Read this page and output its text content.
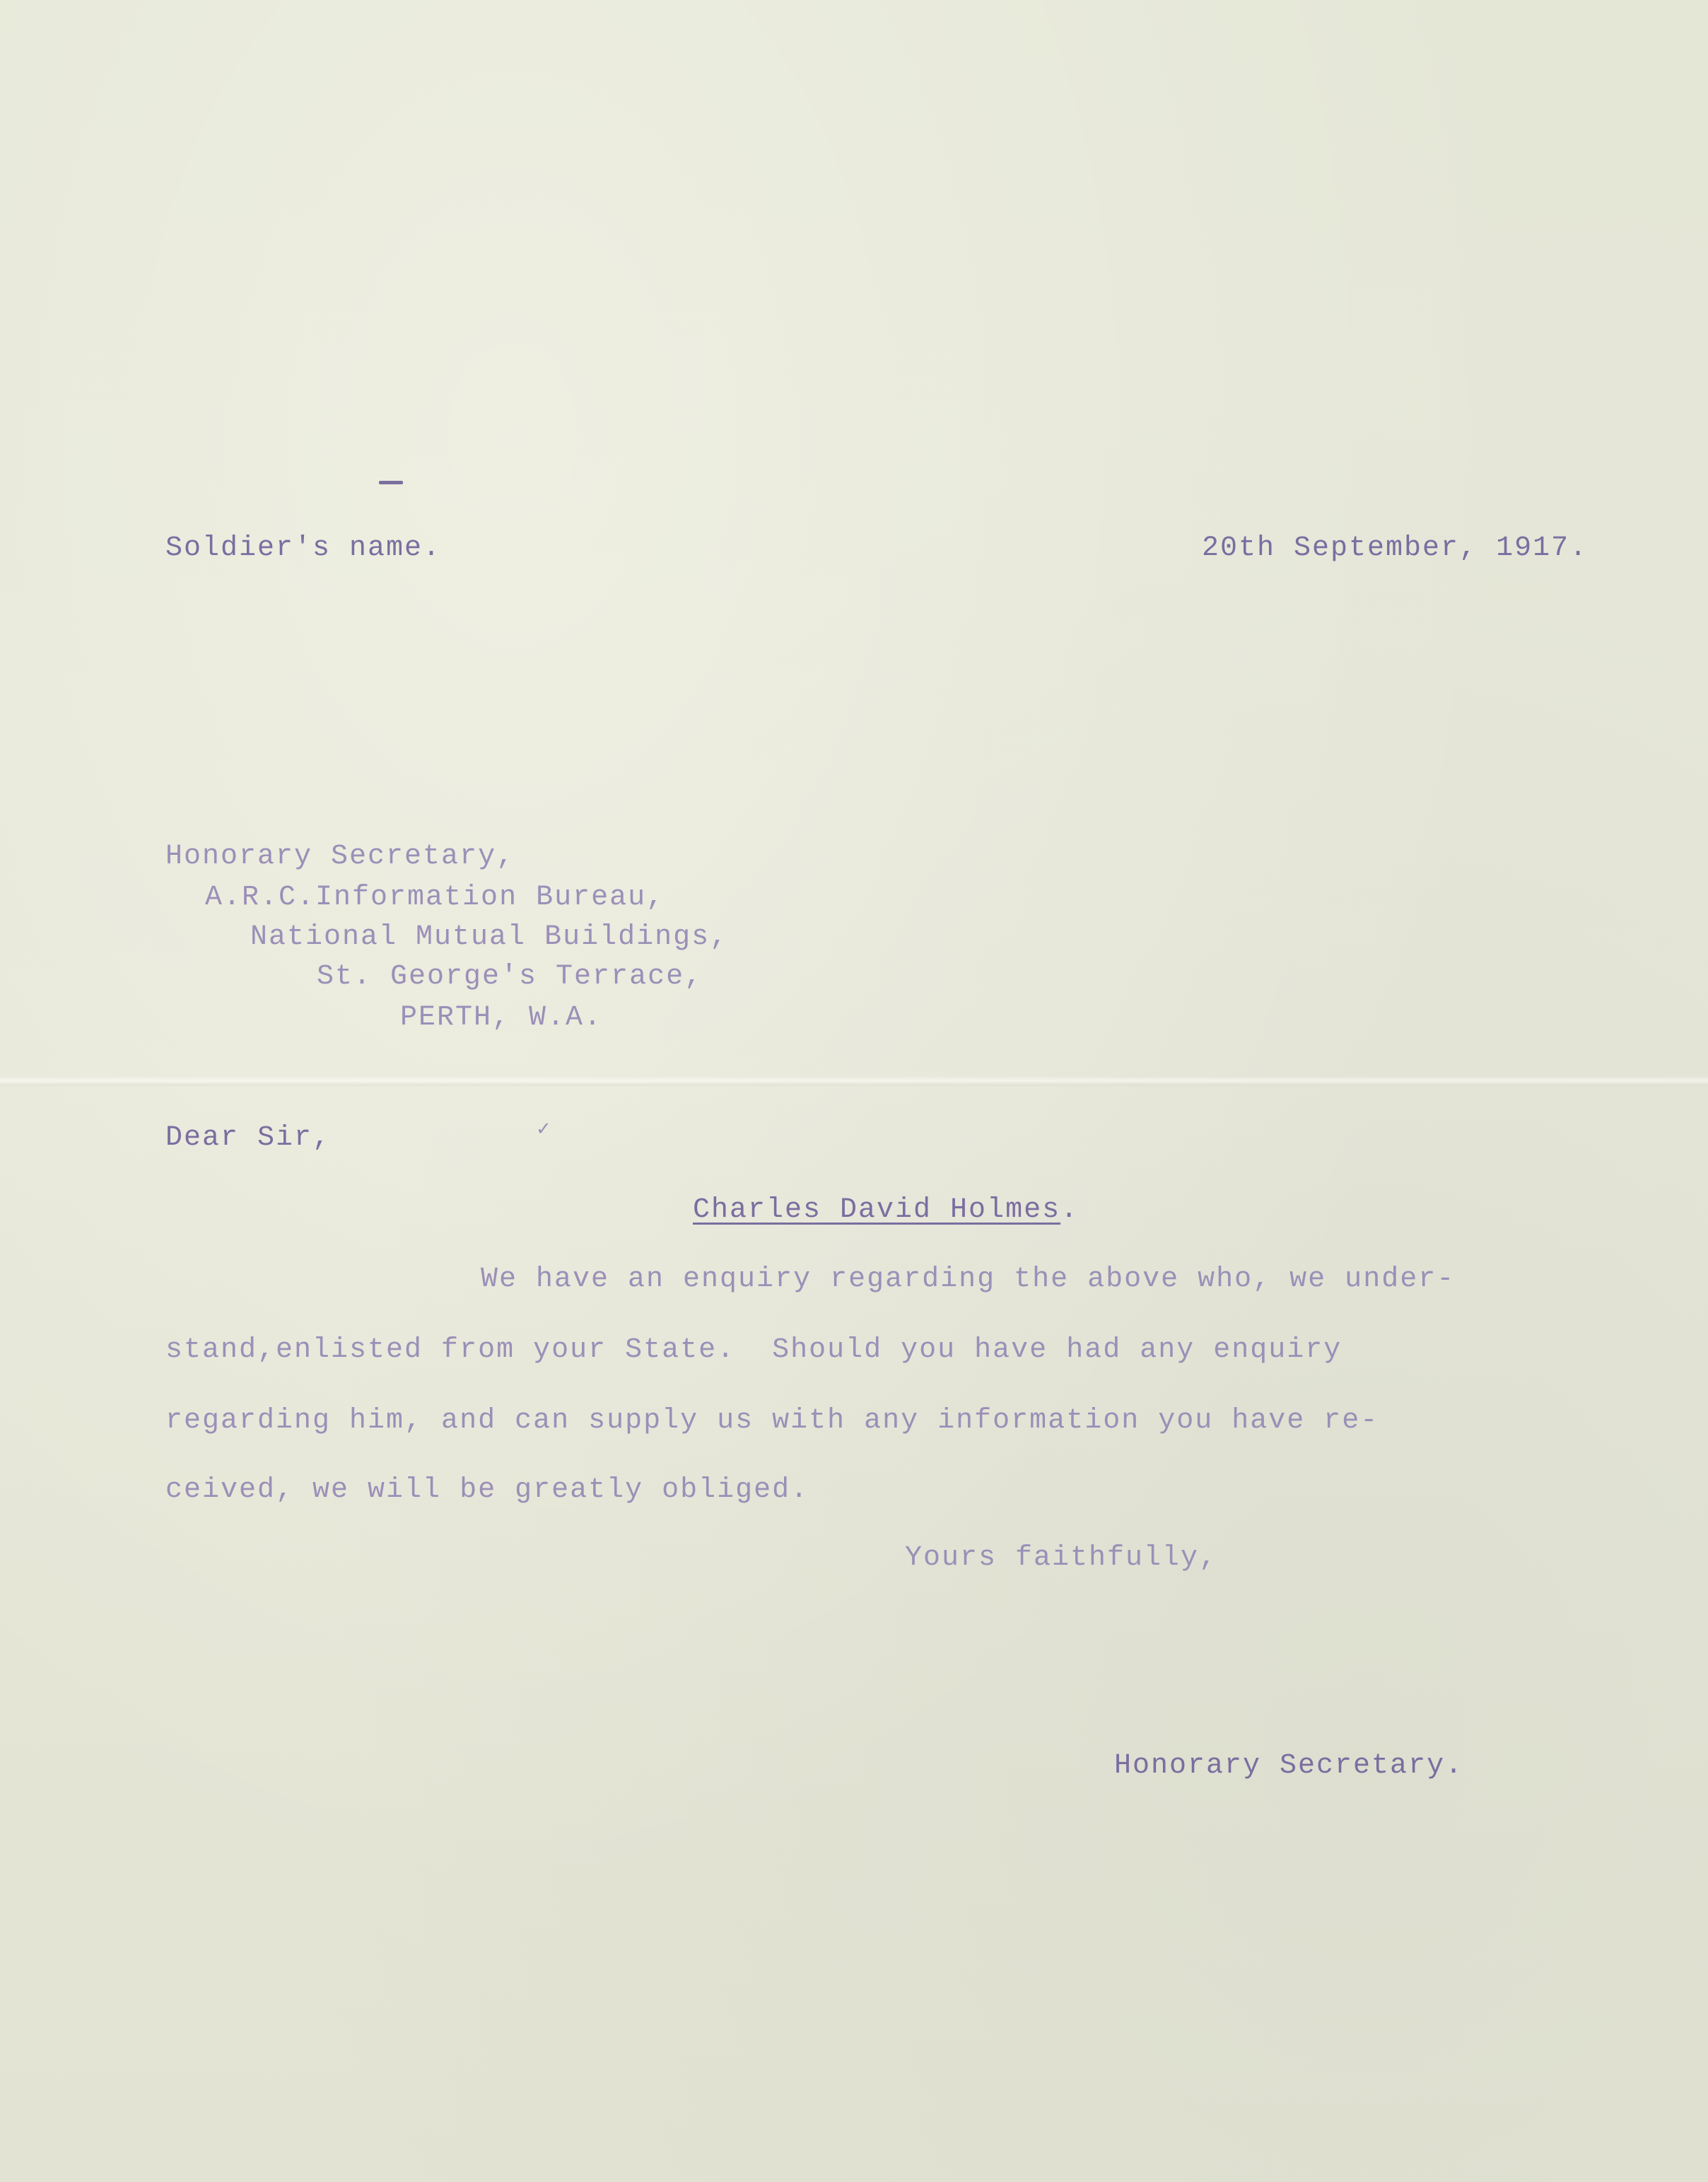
Soldier's name.	20th September, 1917.
Honorary Secretary,
A.R.C.Information Bureau,
National Mutual Buildings,
St. George's Terrace,
PERTH, W.A.
Dear Sir,	✓
Charles David Holmes.
We have an enquiry regarding the above who, we under-
stand,enlisted from your State.  Should you have had any enquiry
regarding him, and can supply us with any information you have re-
ceived, we will be greatly obliged.
Yours faithfully,
Honorary Secretary.
